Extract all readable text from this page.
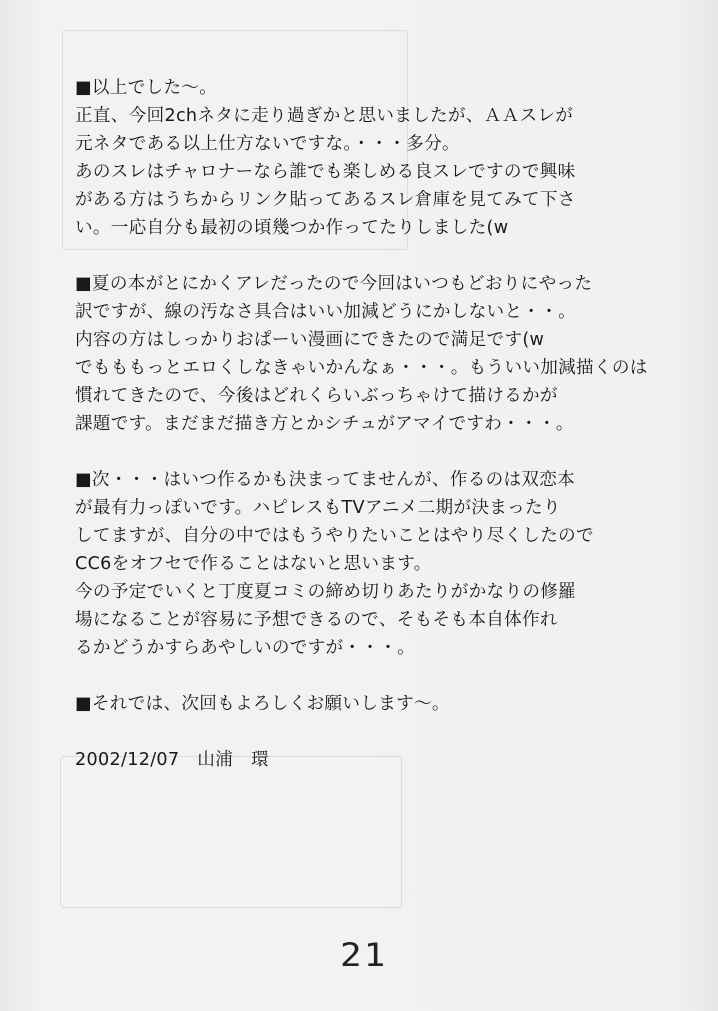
■以上でした～。
正直、今回2chネタに走り過ぎかと思いましたが、ＡＡスレが
元ネタである以上仕方ないですな。・・・多分。
あのスレはチャロナーなら誰でも楽しめる良スレですので興味
がある方はうちからリンク貼ってあるスレ倉庫を見てみて下さ
い。一応自分も最初の頃幾つか作ってたりしました(w
■夏の本がとにかくアレだったので今回はいつもどおりにやった
訳ですが、線の汚なさ具合はいい加減どうにかしないと・・。
内容の方はしっかりおぱーい漫画にできたので満足です(w
でもももっとエロくしなきゃいかんなぁ・・・。もういい加減描くのは
慣れてきたので、今後はどれくらいぶっちゃけて描けるかが
課題です。まだまだ描き方とかシチュがアマイですわ・・・。
■次・・・はいつ作るかも決まってませんが、作るのは双恋本
が最有力っぽいです。ハピレスもTVアニメ二期が決まったり
してますが、自分の中ではもうやりたいことはやり尽くしたので
CC6をオフセで作ることはないと思います。
今の予定でいくと丁度夏コミの締め切りあたりがかなりの修羅
場になることが容易に予想できるので、そもそも本自体作れ
るかどうかすらあやしいのですが・・・。
■それでは、次回もよろしくお願いします～。
2002/12/07　山浦　環
21
